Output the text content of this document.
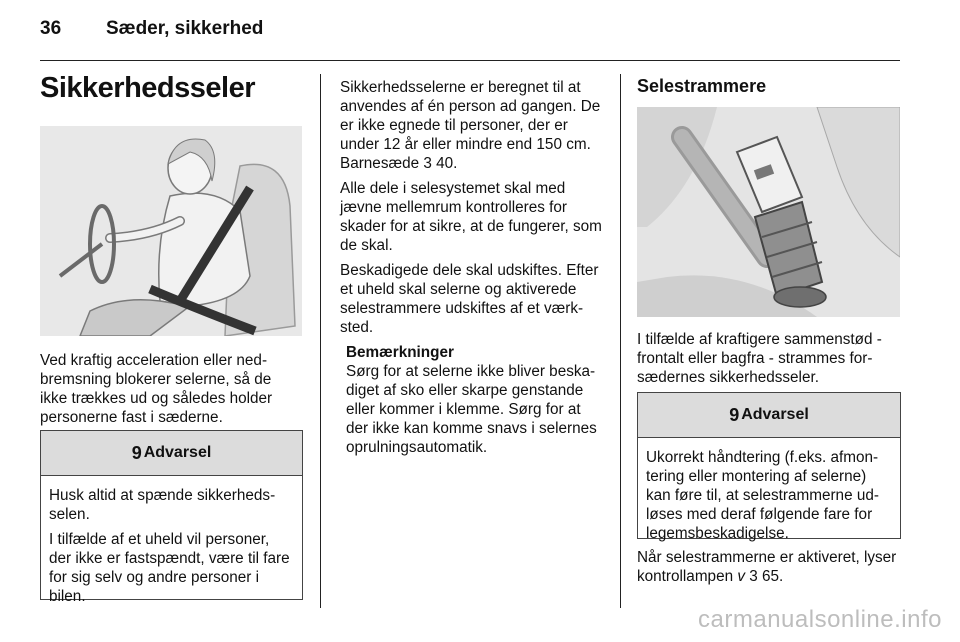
36 Sæder, sikkerhed
Sikkerhedsseler
Ved kraftig acceleration eller nedbremsning blokerer selerne, så de ikke trækkes ud og således holder personerne fast i sæderne.
9 Advarsel

Husk altid at spænde sikkerhedsselen.

I tilfælde af et uheld vil personer, der ikke er fastspændt, være til fare for sig selv og andre personer i bilen.

Sikkerhedsselerne er beregnet til at anvendes af én person ad gangen. De er ikke egnede til personer, der er under 12 år eller mindre end 150 cm. Barnesæde 3 40.

Alle dele i selesystemet skal med jævne mellemrum kontrolleres for skader for at sikre, at de fungerer, som de skal.

Beskadigede dele skal udskiftes. Efter et uheld skal selerne og aktiverede selestrammere udskiftes af et værksted.

Bemærkninger
Sørg for at selerne ikke bliver beskadiget af sko eller skarpe genstande eller kommer i klemme. Sørg for at der ikke kan komme snavs i selernes oprulningsautomatik.
Selestrammere
I tilfælde af kraftigere sammenstød - frontalt eller bagfra - strammes forsædernes sikkerhedsseler.
9 Advarsel

Ukorrekt håndtering (f.eks. afmontering eller montering af selerne) kan føre til, at selestrammerne udløses med deraf følgende fare for legemsbeskadigelse.

Når selestrammerne er aktiveret, lyser kontrollampen v 3 65.
carmanualsonline.info
